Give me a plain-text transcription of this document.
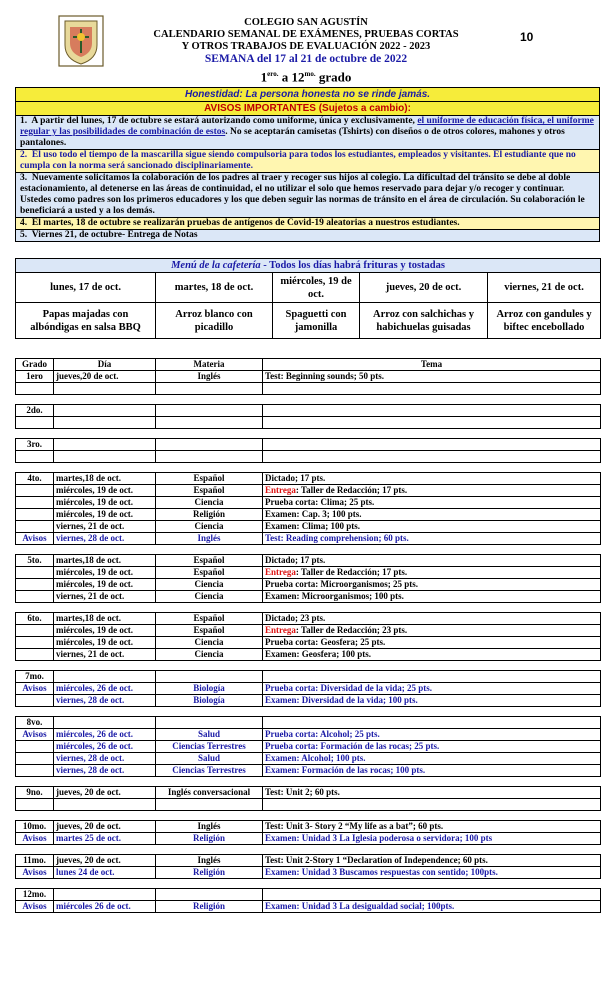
COLEGIO SAN AGUSTÍN
CALENDARIO SEMANAL DE EXÁMENES, PRUEBAS CORTAS
Y OTROS TRABAJOS DE EVALUACIÓN 2022 - 2023
SEMANA del 17 al 21 de octubre de 2022
$1^{ero.}$ a $12^{mo.}$ grado
10
Honestidad: La persona honesta no se rinde jamás.
AVISOS IMPORTANTES (Sujetos a cambio):
1. A partir del lunes, 17 de octubre se estará autorizando como uniforme, única y exclusivamente, el uniforme de educación física, el uniforme regular y las posibilidades de combinación de estos. No se aceptarán camisetas (Tshirts) con diseños o de otros colores, mahones y otros pantalones.
2. El uso todo el tiempo de la mascarilla sigue siendo compulsoria para todos los estudiantes, empleados y visitantes. El estudiante que no cumpla con la norma será sancionado disciplinariamente.
3. Nuevamente solicitamos la colaboración de los padres al traer y recoger sus hijos al colegio. La dificultad del tránsito se debe al doble estacionamiento, al detenerse en las áreas de continuidad, el no utilizar el solo que hemos reservado para dejar y/o recoger y continuar. Ustedes como padres son los primeros educadores y los que deben seguir las normas de tránsito en el área de circulación. Su colaboración le beneficiará a usted y a los demás.
4. El martes, 18 de octubre se realizarán pruebas de antígenos de Covid-19 aleatorias a nuestros estudiantes.
5. Viernes 21, de octubre- Entrega de Notas
Menú de la cafetería - Todos los días habrá frituras y tostadas				
lunes, 17 de oct.	martes, 18 de oct.	miércoles, 19 de oct.	jueves, 20 de oct.	viernes, 21 de oct.
Papas majadas con albóndigas en salsa BBQ	Arroz blanco con picadillo	Spaguetti con jamonilla	Arroz con salchichas y habichuelas guisadas	Arroz con gandules y biftec encebollado
Grado	Día	Materia	Tema
1ero	jueves,20 de oct.	Inglés	Test: Beginning sounds; 50 pts.

2do.			

3ro.			

4to.	martes,18 de oct.	Español	Dictado; 17 pts.
	miércoles, 19 de oct.	Español	Entrega: Taller de Redacción; 17 pts.
	miércoles, 19 de oct.	Ciencia	Prueba corta: Clima; 25 pts.
	miércoles, 19 de oct.	Religión	Examen: Cap. 3; 100 pts.
	viernes, 21 de oct.	Ciencia	Examen: Clima; 100 pts.
Avisos	viernes, 28 de oct.	Inglés	Test: Reading comprehension; 60 pts.

5to.	martes,18 de oct.	Español	Dictado; 17 pts.
	miércoles, 19 de oct.	Español	Entrega: Taller de Redacción; 17 pts.
	miércoles, 19 de oct.	Ciencia	Prueba corta: Microorganismos; 25 pts.
	viernes, 21 de oct.	Ciencia	Examen: Microorganismos; 100 pts.

6to.	martes,18 de oct.	Español	Dictado; 23 pts.
	miércoles, 19 de oct.	Español	Entrega: Taller de Redacción; 23 pts.
	miércoles, 19 de oct.	Ciencia	Prueba corta: Geosfera; 25 pts.
	viernes, 21 de oct.	Ciencia	Examen: Geosfera; 100 pts.

7mo.			
Avisos	miércoles, 26 de oct.	Biología	Prueba corta: Diversidad de la vida; 25 pts.
	viernes, 28 de oct.	Biología	Examen: Diversidad de la vida; 100 pts.

8vo.			
Avisos	miércoles, 26 de oct.	Salud	Prueba corta: Alcohol; 25 pts.
	miércoles, 26 de oct.	Ciencias Terrestres	Prueba corta: Formación de las rocas; 25 pts.
	viernes, 28 de oct.	Salud	Examen: Alcohol; 100 pts.
	viernes, 28 de oct.	Ciencias Terrestres	Examen: Formación de las rocas; 100 pts.

9no.	jueves, 20 de oct.	Inglés conversacional	Test: Unit 2; 60 pts.

10mo.	jueves, 20 de oct.	Inglés	Test: Unit 3- Story 2 “My life as a bat”; 60 pts.
Avisos	martes 25 de oct.	Religión	Examen: Unidad 3 La Iglesia poderosa o servidora; 100 pts

11mo.	jueves, 20 de oct.	Inglés	Test: Unit 2-Story 1 “Declaration of Independence; 60 pts.
Avisos	lunes 24 de oct.	Religión	Examen: Unidad 3 Buscamos respuestas con sentido; 100pts.

12mo.			
Avisos	miércoles 26 de oct.	Religión	Examen: Unidad 3 La desigualdad social; 100pts.
